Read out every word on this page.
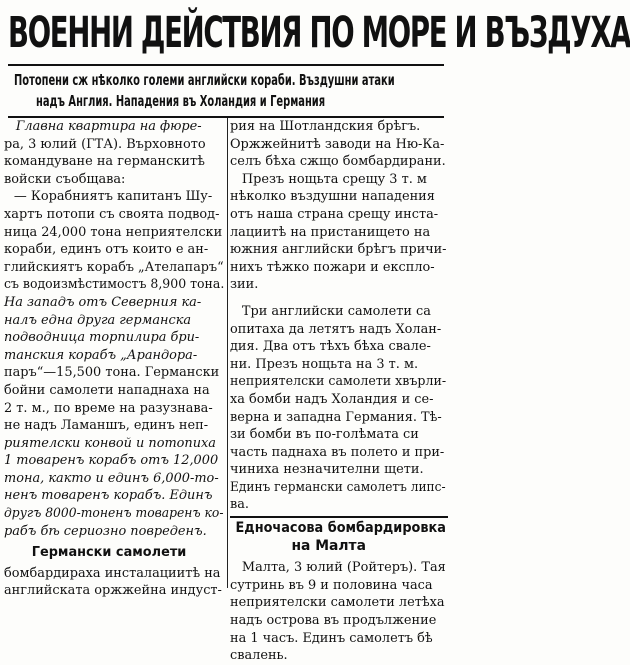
ВОЕННИ ДЕЙСТВИЯ ПО МОРЕ И ВЪЗДУХА
Потопени сж нѣколко големи английски кораби. Въздушни атаки
надъ Англия. Нападения въ Холандия и Германия
Главна квартира на фюре-
ра, 3 юлий (ГТА). Върховното
командуване на германскитѣ
войски съобщава:
— Корабниятъ капитанъ Шу-
хартъ потопи съ своята подвод-
ница 24,000 тона неприятелски
кораби, единъ отъ които е ан-
глийскиятъ корабъ „Ателапаръ“
съ водоизмѣстимостъ 8,900 тона.
На западъ отъ Северния ка-
налъ една друга германска
подводница торпилира бри-
танския корабъ „Арандора-
паръ“—15,500 тона. Германски
бойни самолети нападнаха на
2 т. м., по време на разузнава-
не надъ Ламаншъ, единъ неп-
риятелски конвой и потопиха
1 товаренъ корабъ отъ 12,000
тона, както и единъ 6,000-то-
ненъ товаренъ корабъ. Единъ
другъ 8000-тоненъ товаренъ ко-
рабъ бѣ сериозно повреденъ.
Германски самолети
бомбардираха инсталациитѣ на
английската оржжейна индуст-
рия на Шотландския брѣгъ.
Оржжейнитѣ заводи на Ню-Ка-
селъ бѣха сжщо бомбардирани.
Презъ нощьта срещу 3 т. м
нѣколко въздушни нападения
отъ наша страна срещу инста-
лациитѣ на пристанището на
южния английски брѣгъ причи-
нихъ тѣжко пожари и експло-
зии.
Три английски самолети са
опитаха да летятъ надъ Холан-
дия. Два отъ тѣхъ бѣха свале-
ни. Презъ нощьта на 3 т. м.
неприятелски самолети хвърли-
ха бомби надъ Холандия и се-
верна и западна Германия. Тѣ-
зи бомби въ по-голѣмата си
часть паднаха въ полето и при-
чиниха незначителни щети.
Единъ германски самолетъ липс-
ва.
Едночасова бомбардировка
на Малта
Малта, 3 юлий (Ройтеръ). Тая
сутринь въ 9 и половина часа
неприятелски самолети летѣха
надъ острова въ продължение
на 1 часъ. Единъ самолетъ бѣ
свалень.
